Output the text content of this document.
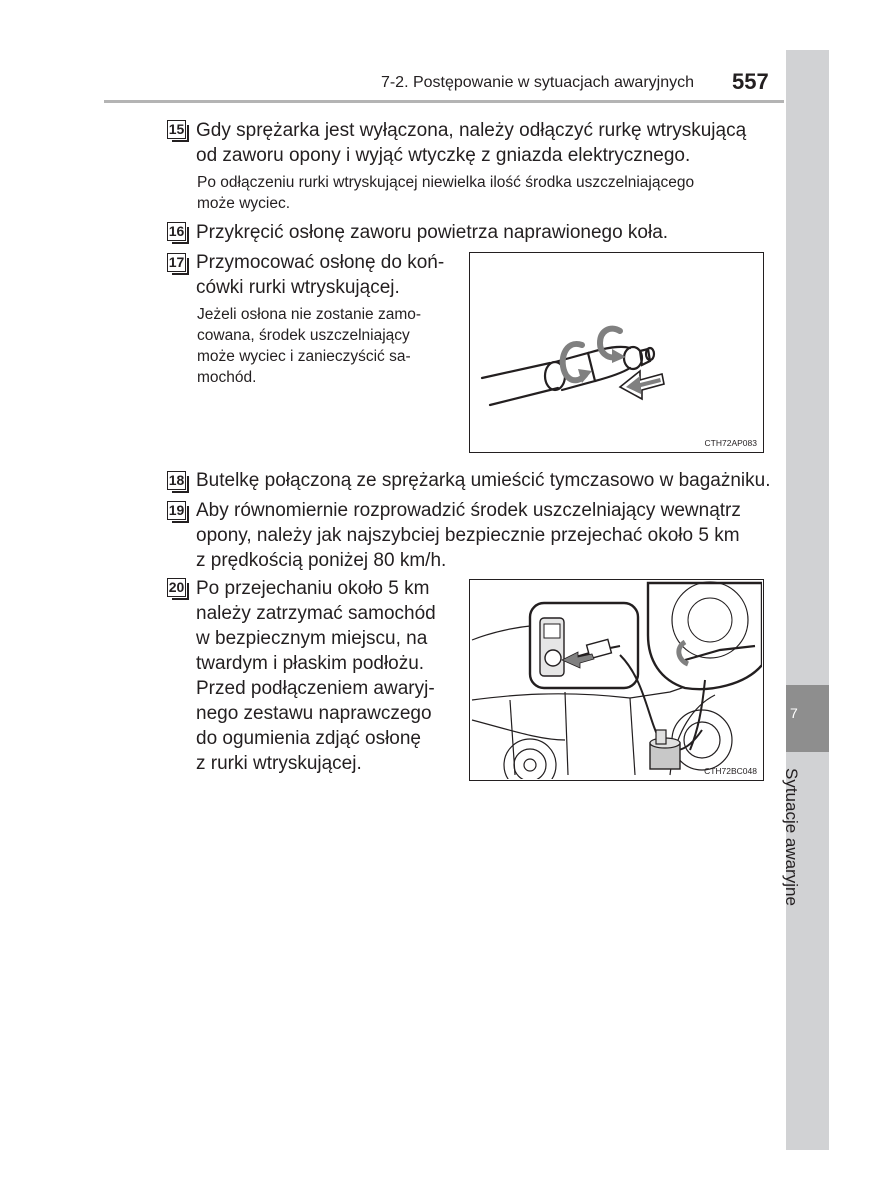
7-2. Postępowanie w sytuacjach awaryjnych 557
7
Sytuacje awaryjne
15 Gdy sprężarka jest wyłączona, należy odłączyć rurkę wtryskującą
od zaworu opony i wyjąć wtyczkę z gniazda elektrycznego.
Po odłączeniu rurki wtryskującej niewielka ilość środka uszczelniającego
może wyciec.
16 Przykręcić osłonę zaworu powietrza naprawionego koła.
17 Przymocować osłonę do koń-
cówki rurki wtryskującej.
Jeżeli osłona nie zostanie zamo-
cowana, środek uszczelniający
może wyciec i zanieczyścić sa-
mochód.
CTH72AP083
18 Butelkę połączoną ze sprężarką umieścić tymczasowo w bagażniku.
19 Aby równomiernie rozprowadzić środek uszczelniający wewnątrz
opony, należy jak najszybciej bezpiecznie przejechać około 5 km
z prędkością poniżej 80 km/h.
20 Po przejechaniu około 5 km
należy zatrzymać samochód
w bezpiecznym miejscu, na
twardym i płaskim podłożu.
Przed podłączeniem awaryj-
nego zestawu naprawczego
do ogumienia zdjąć osłonę
z rurki wtryskującej.	CTH72BC048
